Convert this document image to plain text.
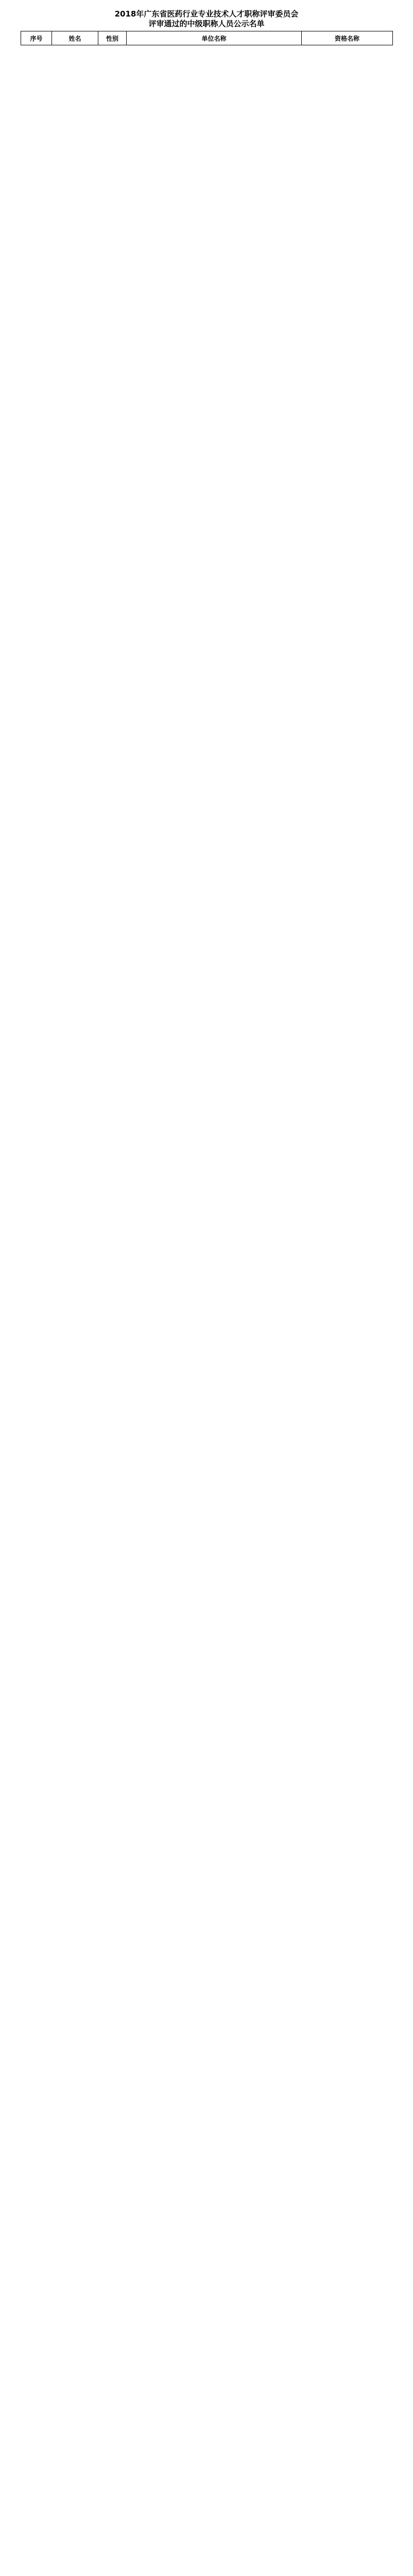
2018年广东省医药行业专业技术人才职称评审委员会
评审通过的中级职称人员公示名单
序号	姓名	性别	单位名称	资格名称
